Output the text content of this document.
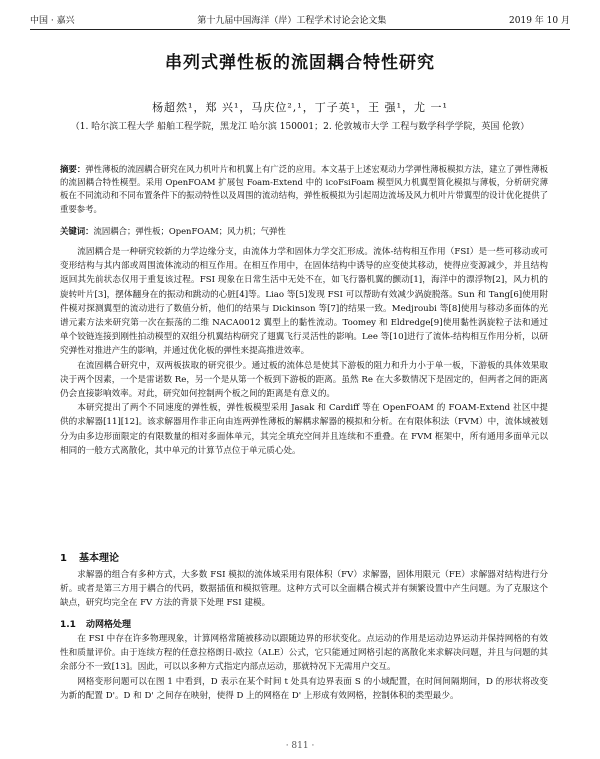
中国 · 嘉兴	第十九届中国海洋（岸）工程学术讨论会论文集	2019 年 10 月
串列式弹性板的流固耦合特性研究
杨超然¹，郑 兴¹，马庆位²,¹，丁子英¹，王 强¹，尤 一¹
（1. 哈尔滨工程大学 船舶工程学院，黑龙江 哈尔滨 150001；2. 伦敦城市大学 工程与数学科学学院，英国 伦敦）
摘要：弹性薄板的流固耦合研究在风力机叶片和机翼上有广泛的应用。本文基于上述宏观动力学弹性薄板模拟方法，建立了弹性薄板的流固耦合特性模型。采用 OpenFOAM 扩展包 Foam-Extend 中的 icoFsiFoam 模型风力机翼型简化模拟与薄板，分析研究薄板在不同流动和不同布置条件下的振动特性以及周围的流动结构，弹性板模拟为引起周边流场及风力机叶片带翼型的设计优化提供了重要参考。
关键词：流固耦合；弹性板；OpenFOAM；风力机；气弹性

流固耦合是一种研究较新的力学边缘分支，由流体力学和固体力学交汇形成。流体-结构相互作用（FSI）是一些可移动或可变形结构与其内部或周围流体流动的相互作用。在相互作用中，在固体结构中诱导的应变使其移动，使得应变源减少，并且结构返回其先前状态仅用于重复该过程。FSI 现象在日常生活中无处不在，如飞行器机翼的颤动[1]，海洋中的漂浮物[2]，风力机的旋转叶片[3]，摆体翻身在的振动和跳动的心脏[4]等。Liao 等[5]发现 FSI 可以帮助有效减少涡旋脱落。Sun 和 Tang[6]使用附件模对探测翼型的流动进行了数值分析，他们的结果与 Dickinson 等[7]的结果一致。Medjroubi 等[8]使用与移动多面体的光谱元素方法来研究第一次在振荡的二维 NACA0012 翼型上的黏性流动。Toomey 和 Eldredge[9]使用黏性涡旋粒子法和通过单个铰链连接到刚性拍动模型的双组分机翼结构研究了翅翼飞行灵活性的影响。Lee 等[10]进行了流体-结构相互作用分析，以研究弹性对推进产生的影响，并通过优化板的弹性来提高推进效率。

在流固耦合研究中，双两板拔取的研究很少。通过板的流体总是使其下游板的阻力和升力小于单一板，下游板的具体效果取决于两个因素，一个是雷诺数 Re，另一个是从第一个板到下游板的距离。虽然 Re 在大多数情况下是固定的，但两者之间的距离仍会直接影响效率。对此，研究如何控制两个板之间的距离是有意义的。

本研究提出了两个不同速度的弹性板，弹性板模型采用 Jasak 和 Cardiff 等在 OpenFOAM 的 FOAM-Extend 社区中提供的求解器[11][12]。该求解器用作非正向由连两弹性薄板的解耦求解器的模拟和分析。在有限体积法（FVM）中，流体域被划分为由多边形面限定的有限数量的相对多面体单元，其完全填充空间并且连续和不重叠。在 FVM 框架中，所有通用多面单元以相同的一般方式离散化，其中单元的计算节点位于单元质心处。

1 基本理论

求解器的组合有多种方式，大多数 FSI 模拟的流体域采用有限体积（FV）求解器，固体用限元（FE）求解器对结构进行分析。或者是第三方用于耦合的代码，数据插值和模拟管理。这种方式可以全面耦合模式并有频繁设置中产生问题。为了克服这个缺点，研究均完全在 FV 方法的背景下处理 FSI 建模。

1.1 动网格处理

在 FSI 中存在许多物理现象，计算网格常随被移动以跟随边界的形状变化。点运动的作用是运动边界运动并保持网格的有效性和质量评价。由于连续方程的任意拉格朗日-欧拉（ALE）公式，它只能通过网格引起的离散化来求解决问题，并且与问题的其余部分不一致[13]。因此，可以以多种方式指定内部点运动，那就特况下无需用户交互。

网格变形问题可以在图 1 中看到，D 表示在某个时间 t 处具有边界表面 S 的小域配置，在时间间隔期间，D 的形状将改变为新的配置 D'。D 和 D' 之间存在映射，使得 D 上的网格在 D' 上形成有效网格，控制体积的类型最少。

· 811 ·
